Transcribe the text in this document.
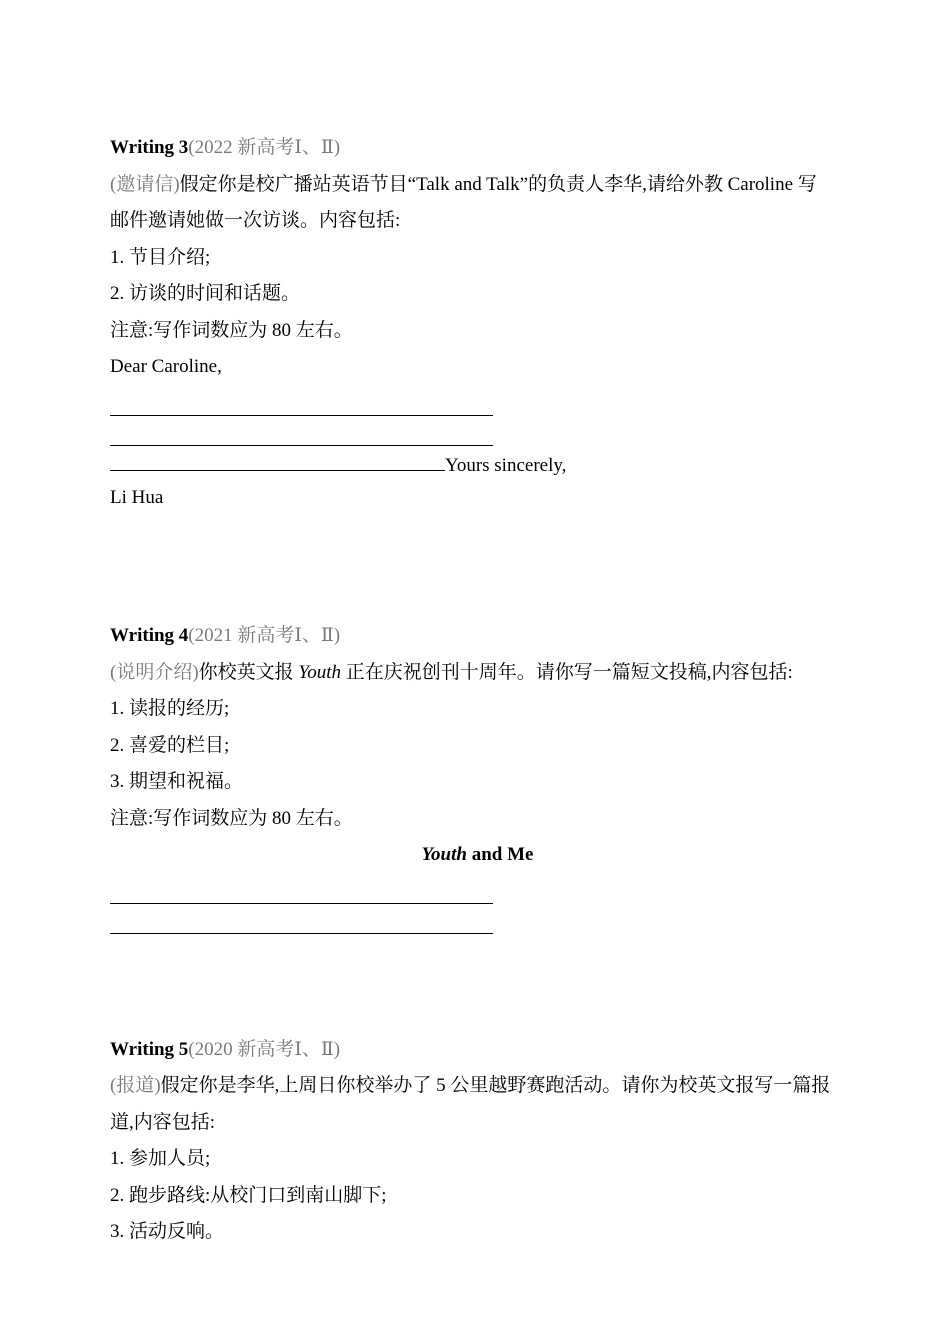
Writing 3(2022 新高考Ⅰ、Ⅱ)
(邀请信)假定你是校广播站英语节目“Talk and Talk”的负责人李华,请给外教 Caroline 写
邮件邀请她做一次访谈。内容包括:
1. 节目介绍;
2. 访谈的时间和话题。
注意:写作词数应为 80 左右。
Dear Caroline,
Yours sincerely,
Li Hua
Writing 4(2021 新高考Ⅰ、Ⅱ)
(说明介绍)你校英文报 Youth 正在庆祝创刊十周年。请你写一篇短文投稿,内容包括:
1. 读报的经历;
2. 喜爱的栏目;
3. 期望和祝福。
注意:写作词数应为 80 左右。
Youth and Me
Writing 5(2020 新高考Ⅰ、Ⅱ)
(报道)假定你是李华,上周日你校举办了 5 公里越野赛跑活动。请你为校英文报写一篇报
道,内容包括:
1. 参加人员;
2. 跑步路线:从校门口到南山脚下;
3. 活动反响。
